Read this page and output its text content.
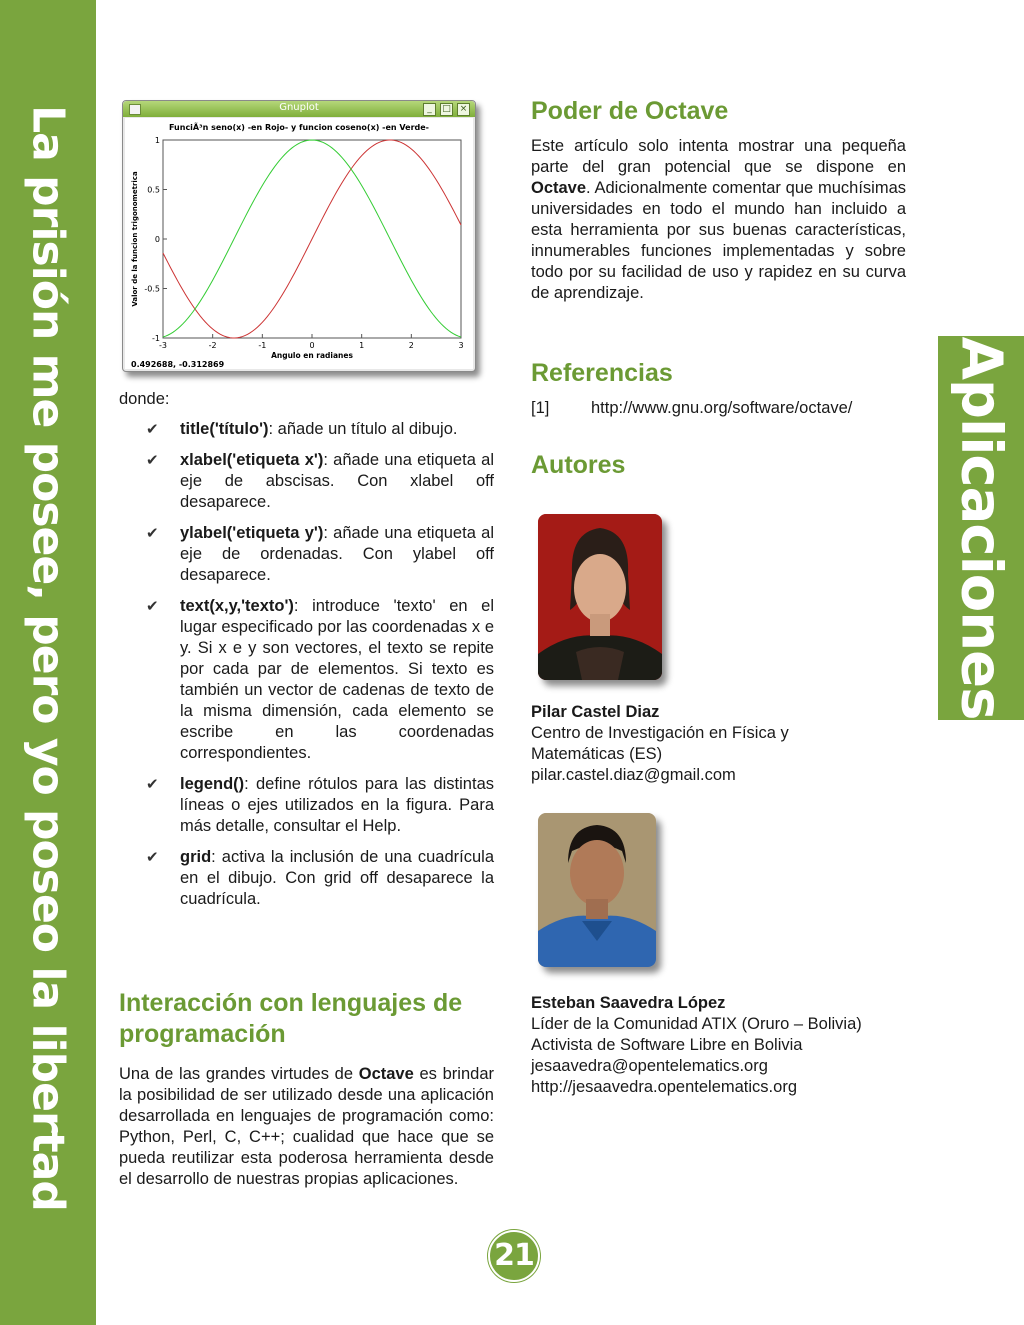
La prisión me posee, pero yo poseo la libertad	Aplicaciones
Gnuplot	_	□ ×
FunciÃ³n seno(x) -en Rojo- y funcion coseno(x) -en Verde-
-3	-2	-1	0	1	2	3
1
0.5
0
-0.5
-1
Valor de la funcion trigonometrica
Angulo en radianes
0.492688, -0.312869
donde:
✔ title('título'): añade un título al dibujo.
✔ xlabel('etiqueta x'): añade una etiqueta al eje de abscisas. Con xlabel off desaparece.
✔ ylabel('etiqueta y'): añade una etiqueta al eje de ordenadas. Con ylabel off desaparece.
✔ text(x,y,'texto'): introduce 'texto' en el lugar especificado por las coordenadas x e y. Si x e y son vectores, el texto se repite por cada par de elementos. Si texto es también un vector de cadenas de texto de la misma dimensión, cada elemento se escribe en las coordenadas correspondientes.
✔ legend(): define rótulos para las distintas líneas o ejes utilizados en la figura. Para más detalle, consultar el Help.
✔ grid: activa la inclusión de una cuadrícula en el dibujo. Con grid off desaparece la cuadrícula.
Interacción con lenguajes de programación

Una de las grandes virtudes de Octave es brindar la posibilidad de ser utilizado desde una aplicación desarrollada en lenguajes de programación como: Python, Perl, C, C++; cualidad que hace que se pueda reutilizar esta poderosa herramienta desde el desarrollo de nuestras propias aplicaciones.

Poder de Octave

Este artículo solo intenta mostrar una pequeña parte del gran potencial que se dispone en Octave. Adicionalmente comentar que muchísimas universidades en todo el mundo han incluido a esta herramienta por sus buenas características, innumerables funciones implementadas y sobre todo por su facilidad de uso y rapidez en su curva de aprendizaje.

Referencias
[1]	http://www.gnu.org/software/octave/
Autores
Pilar Castel Diaz
Centro de Investigación en Física y
Matemáticas (ES)
pilar.castel.diaz@gmail.com
Esteban Saavedra López
Líder de la Comunidad ATIX (Oruro – Bolivia)
Activista de Software Libre en Bolivia
jesaavedra@opentelematics.org
http://jesaavedra.opentelematics.org
21
